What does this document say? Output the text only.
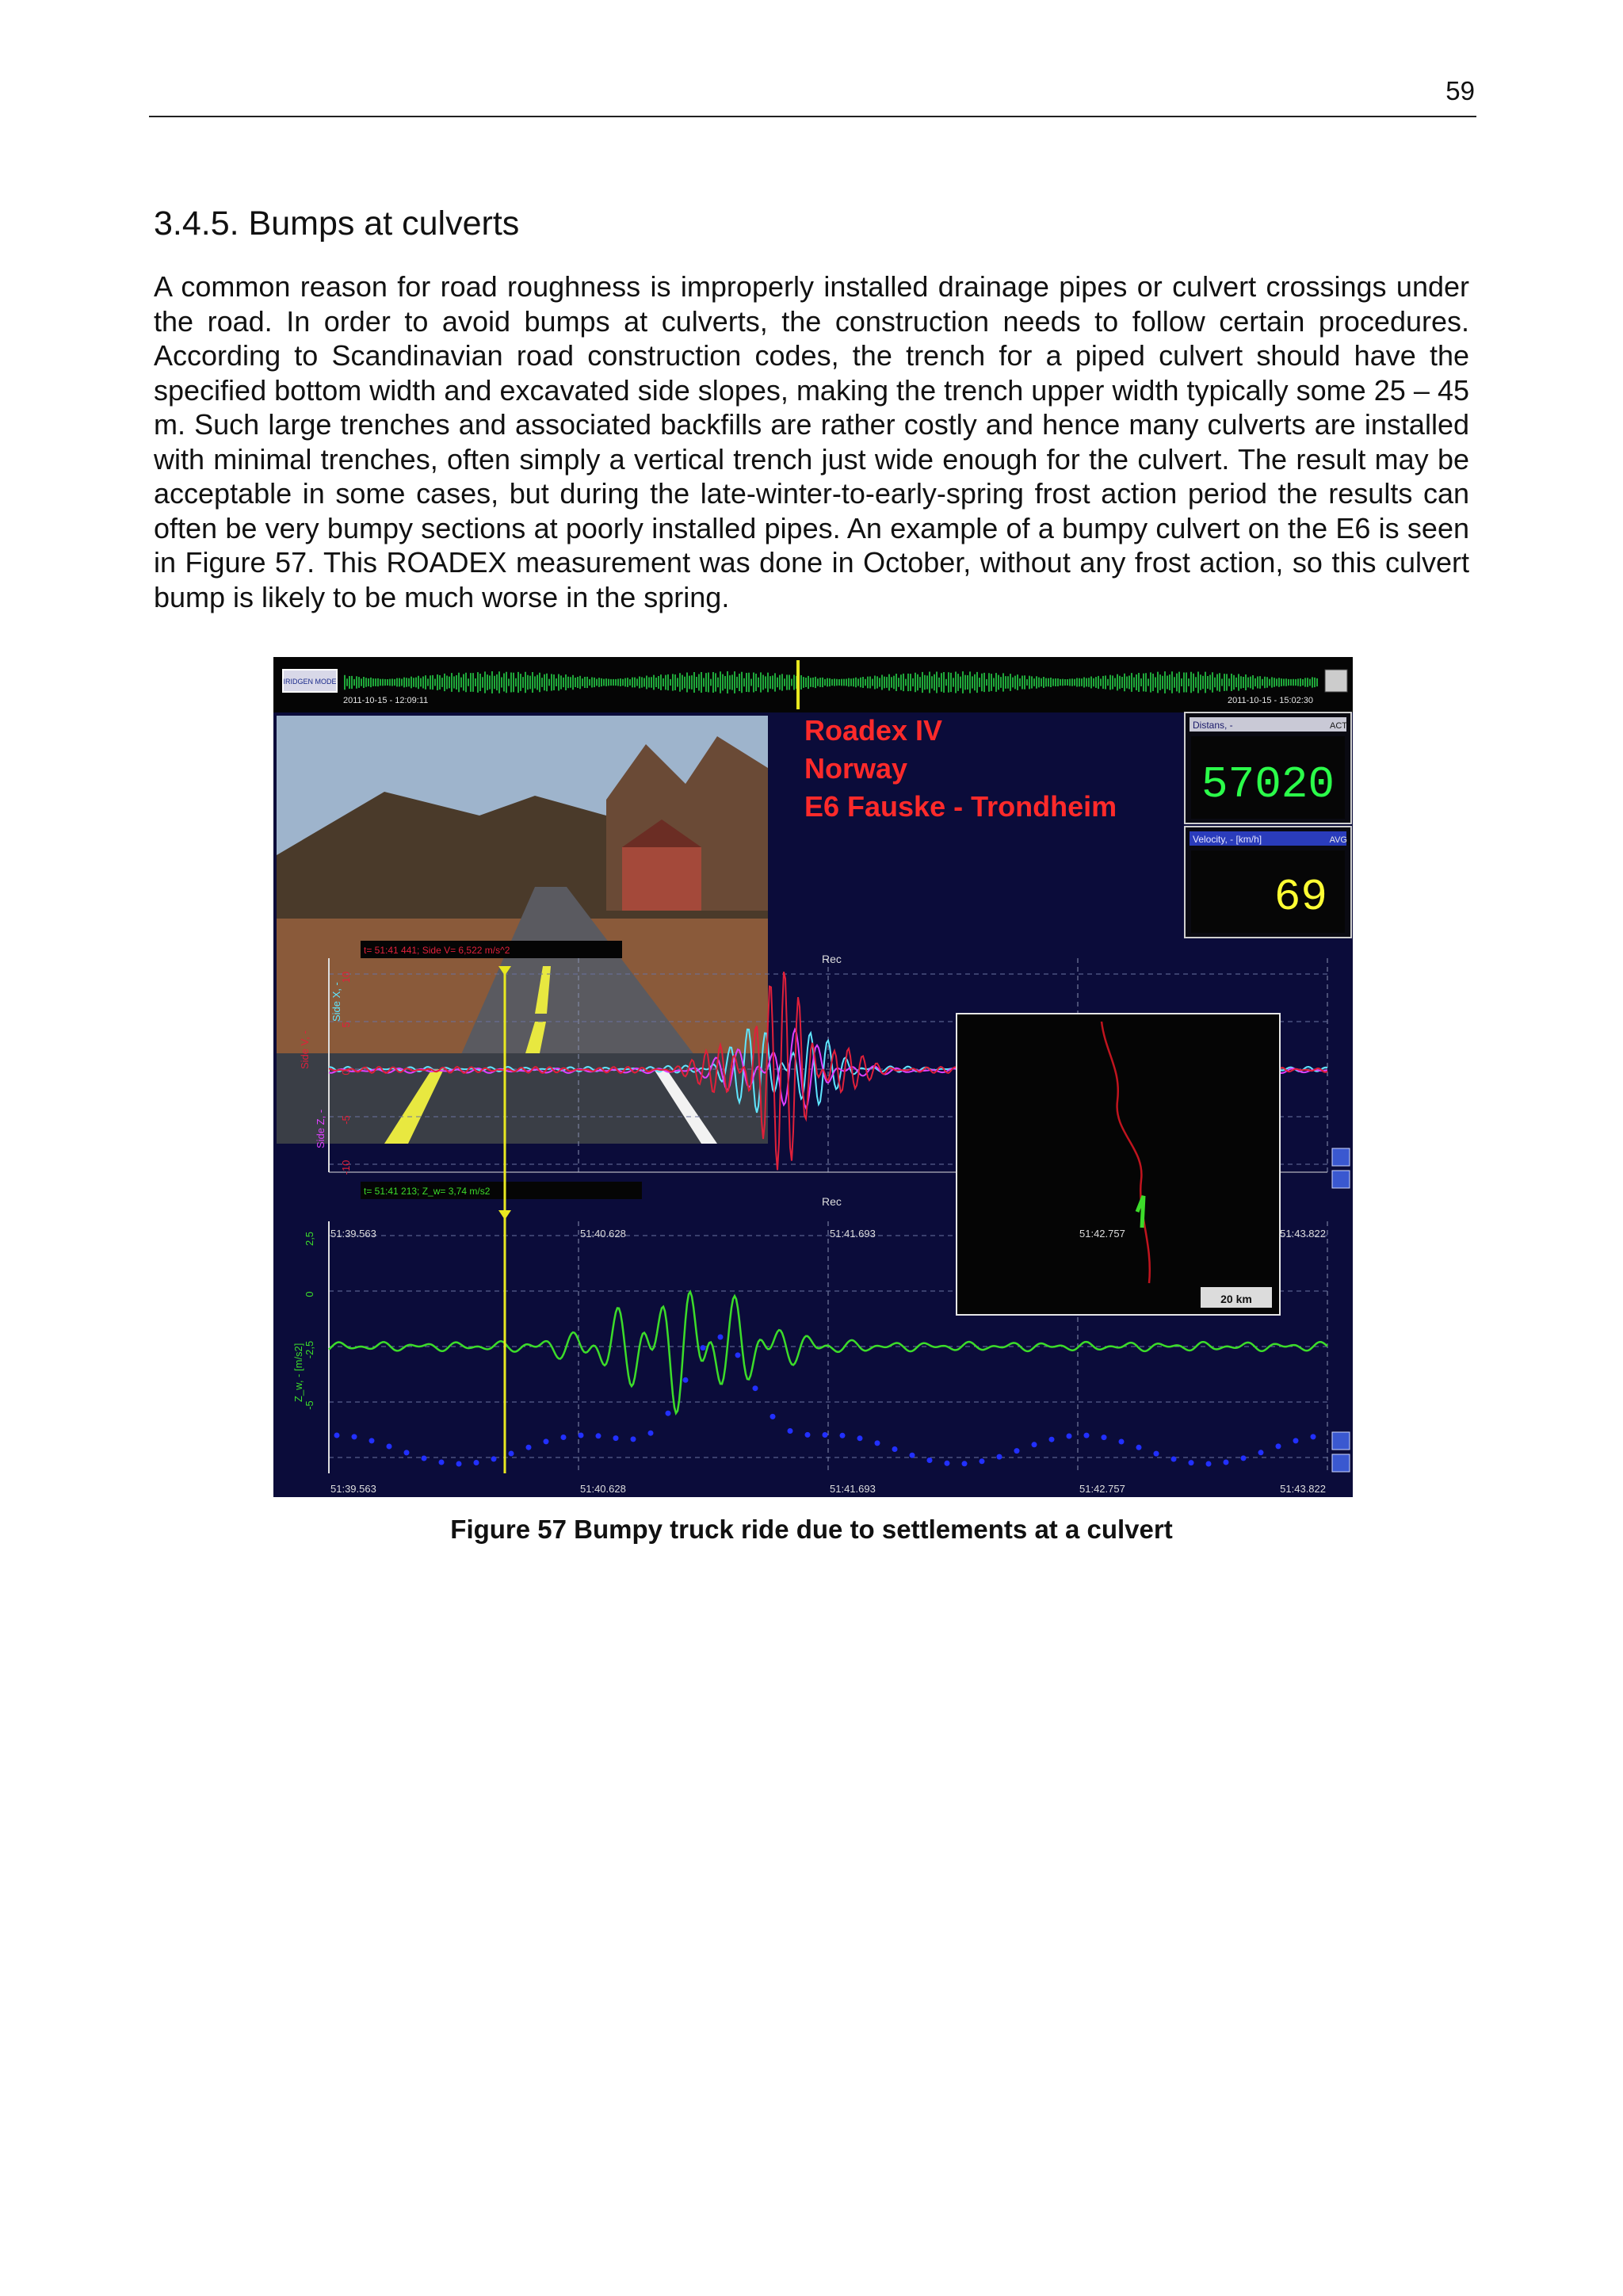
59
3.4.5. Bumps at culverts

A common reason for road roughness is improperly installed drainage pipes or culvert crossings under the road. In order to avoid bumps at culverts, the construction needs to follow certain procedures. According to Scandinavian road construction codes, the trench for a piped culvert should have the specified bottom width and excavated side slopes, making the trench upper width typically some 25 – 45 m. Such large trenches and associated backfills are rather costly and hence many culverts are installed with minimal trenches, often simply a vertical trench just wide enough for the culvert. The result may be acceptable in some cases, but during the late-winter-to-early-spring frost action period the results can often be very bumpy sections at poorly installed pipes. An example of a bumpy culvert on the E6 is seen in Figure 57. This ROADEX measurement was done in October, without any frost action, so this culvert bump is likely to be much worse in the spring.

IRIDGEN MODE
2011-10-15 - 12:09:11	2011-10-15 - 15:02:30
Roadex IV
Norway
E6 Fauske - Trondheim
Distans, -	ACT
57020
Velocity, - [km/h]	AVG
69
t= 51:41 441; Side V= 6,522 m/s^2
t= 51:41 213; Z_w= 3,74 m/s2
Rec
Rec
20 km
10
5
0
-5
-10
2,5
0
-2,5
-5
51:39.563	51:40.628	51:41.693	51:42.757	51:43.822
51:39.563	51:40.628	51:41.693	51:42.757	51:43.822
Side V, -
Side Z, -
Side X, -
Z_w, - [m/s2]
Figure 57 Bumpy truck ride due to settlements at a culvert
